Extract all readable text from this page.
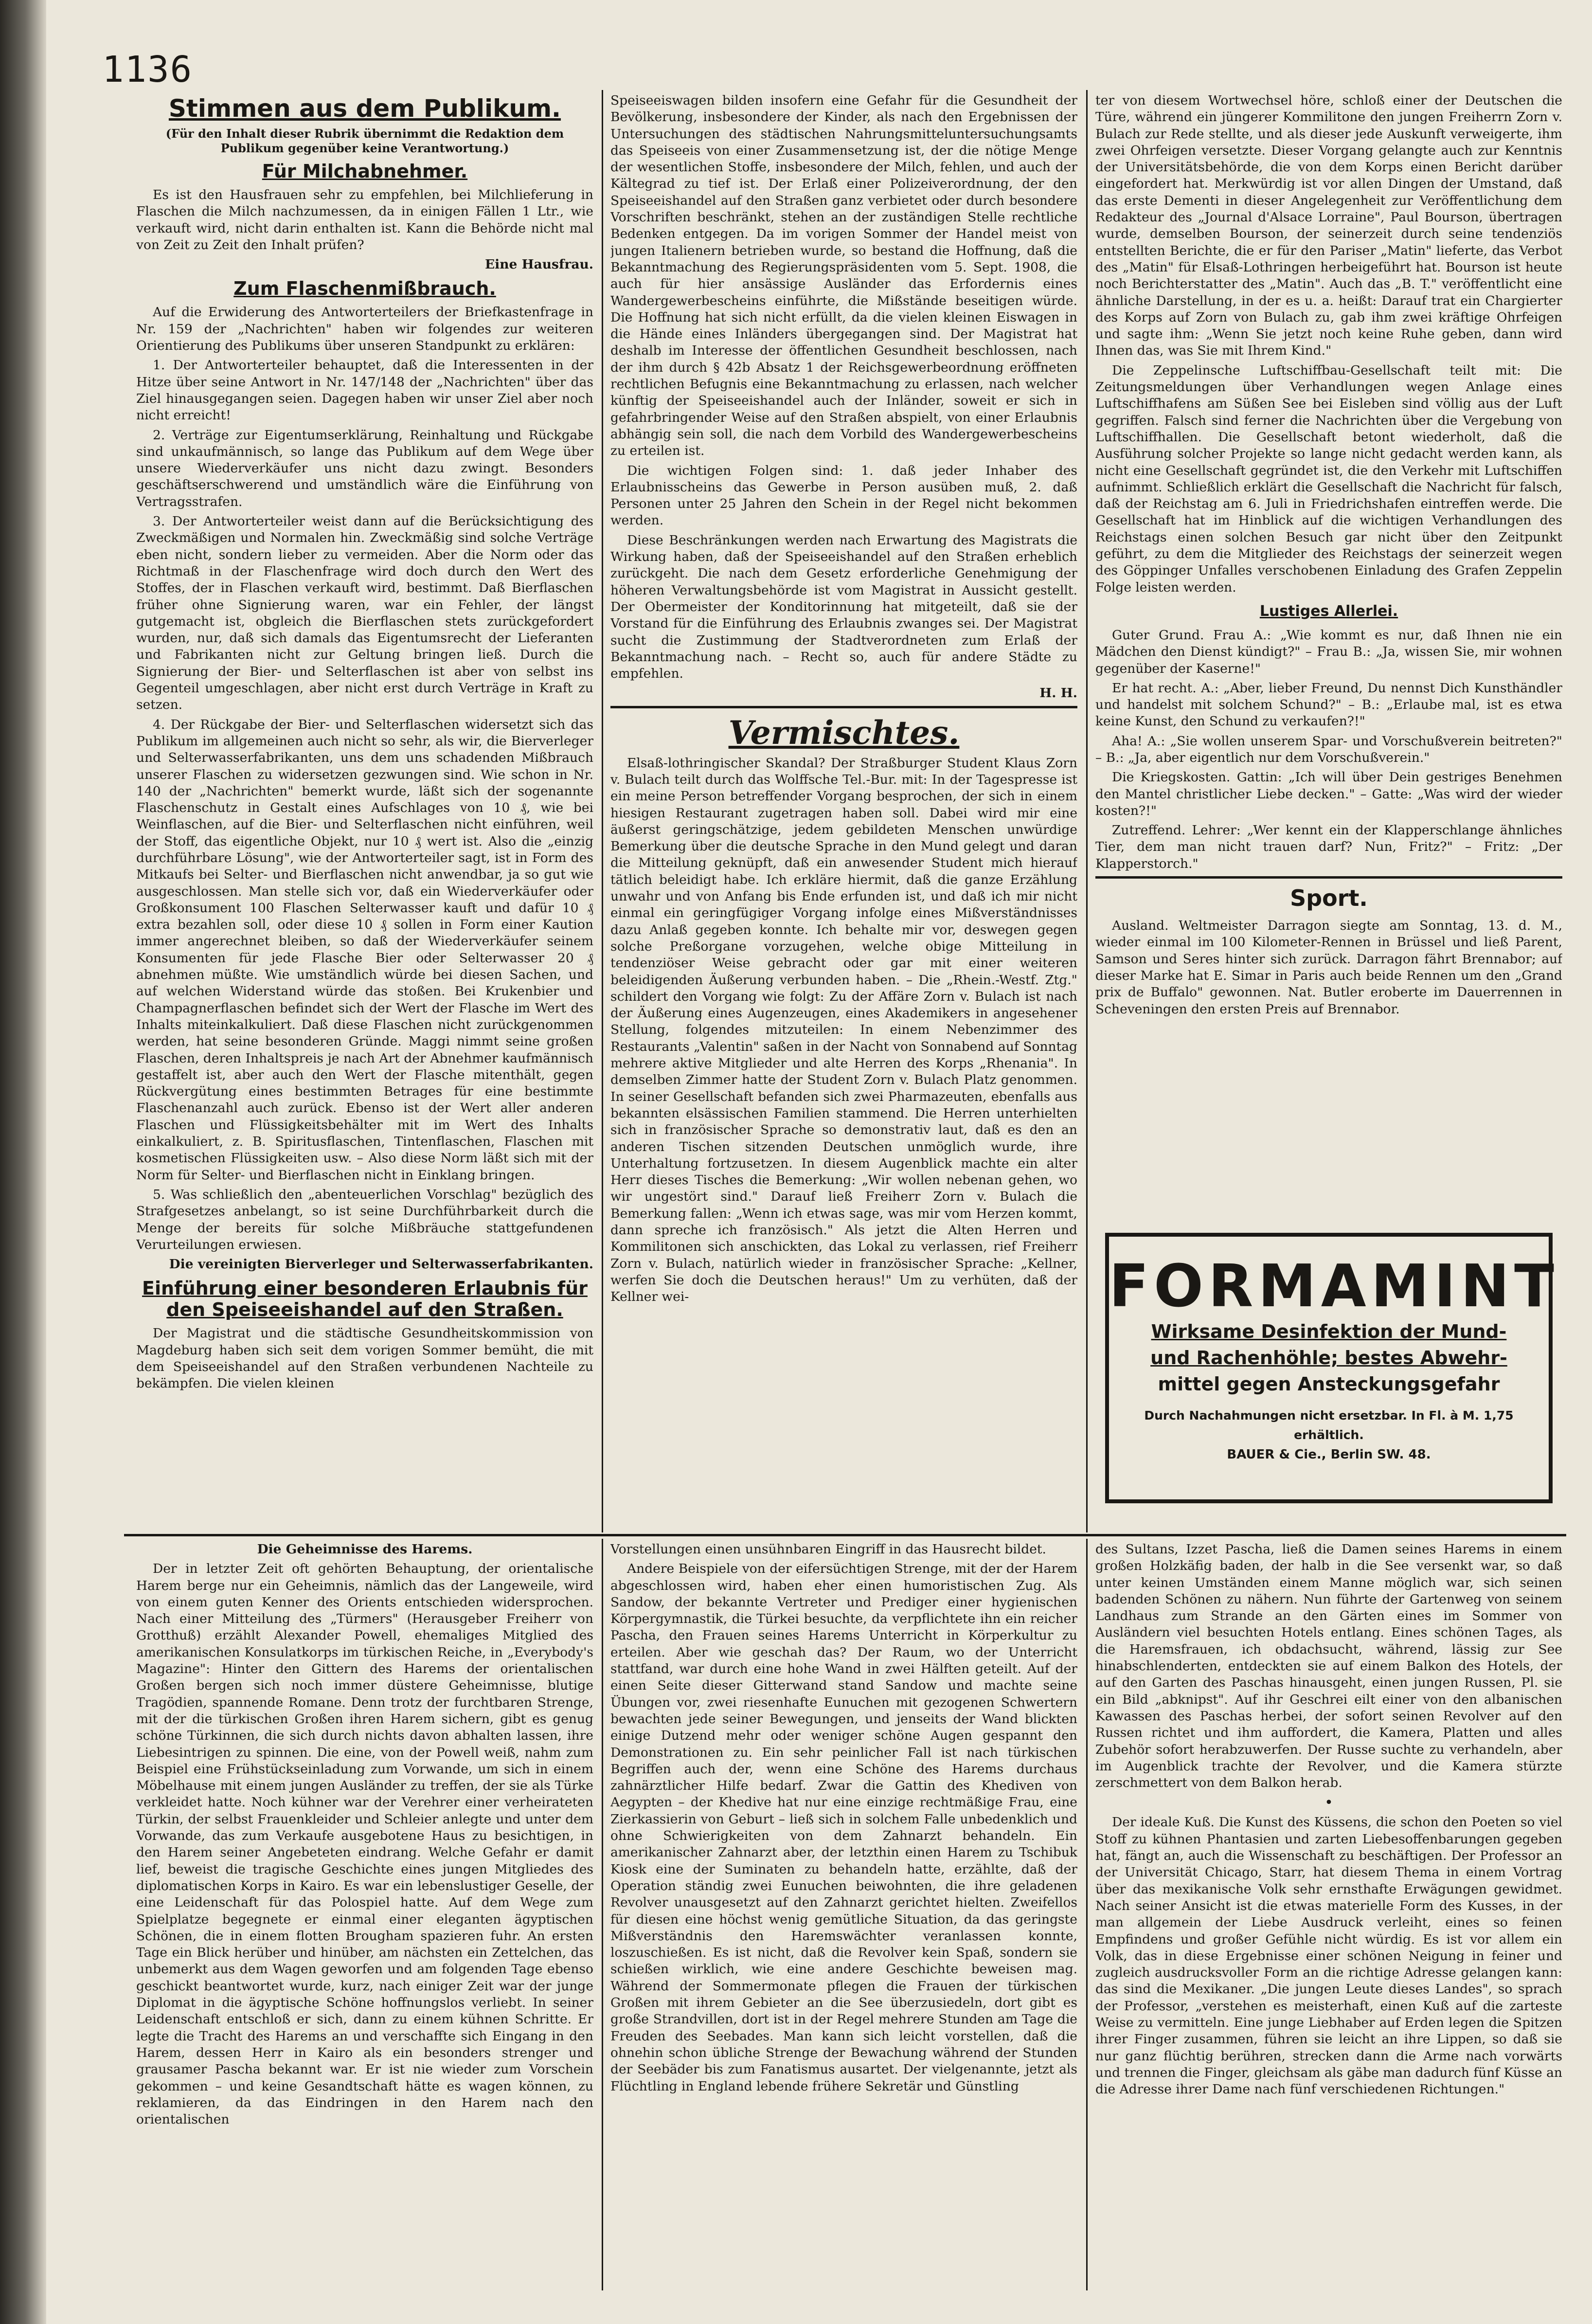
1136
Stimmen aus dem Publikum.
(Für den Inhalt dieser Rubrik übernimmt die Redaktion dem Publikum gegenüber keine Verantwortung.)
Für Milchabnehmer.

Es ist den Hausfrauen sehr zu empfehlen, bei Milchlieferung in Flaschen die Milch nachzumessen, da in einigen Fällen 1 Ltr., wie verkauft wird, nicht darin enthalten ist. Kann die Behörde nicht mal von Zeit zu Zeit den Inhalt prüfen?

Eine Hausfrau.

Zum Flaschenmißbrauch.

Auf die Erwiderung des Antworterteilers der Briefkastenfrage in Nr. 159 der „Nachrichten" haben wir folgendes zur weiteren Orientierung des Publikums über unseren Standpunkt zu erklären:

1. Der Antworterteiler behauptet, daß die Interessenten in der Hitze über seine Antwort in Nr. 147/148 der „Nachrichten" über das Ziel hinausgegangen seien. Dagegen haben wir unser Ziel aber noch nicht erreicht!

2. Verträge zur Eigentumserklärung, Reinhaltung und Rückgabe sind unkaufmännisch, so lange das Publikum auf dem Wege über unsere Wiederverkäufer uns nicht dazu zwingt. Besonders geschäftserschwerend und umständlich wäre die Einführung von Vertragsstrafen.

3. Der Antworterteiler weist dann auf die Berücksichtigung des Zweckmäßigen und Normalen hin. Zweckmäßig sind solche Verträge eben nicht, sondern lieber zu vermeiden. Aber die Norm oder das Richtmaß in der Flaschenfrage wird doch durch den Wert des Stoffes, der in Flaschen verkauft wird, bestimmt. Daß Bierflaschen früher ohne Signierung waren, war ein Fehler, der längst gutgemacht ist, obgleich die Bierflaschen stets zurückgefordert wurden, nur, daß sich damals das Eigentumsrecht der Lieferanten und Fabrikanten nicht zur Geltung bringen ließ. Durch die Signierung der Bier- und Selterflaschen ist aber von selbst ins Gegenteil umgeschlagen, aber nicht erst durch Verträge in Kraft zu setzen.

4. Der Rückgabe der Bier- und Selterflaschen widersetzt sich das Publikum im allgemeinen auch nicht so sehr, als wir, die Bierverleger und Selterwasserfabrikanten, uns dem uns schadenden Mißbrauch unserer Flaschen zu widersetzen gezwungen sind. Wie schon in Nr. 140 der „Nachrichten" bemerkt wurde, läßt sich der sogenannte Flaschenschutz in Gestalt eines Aufschlages von 10 ₰, wie bei Weinflaschen, auf die Bier- und Selterflaschen nicht einführen, weil der Stoff, das eigentliche Objekt, nur 10 ₰ wert ist. Also die „einzig durchführbare Lösung", wie der Antworterteiler sagt, ist in Form des Mitkaufs bei Selter- und Bierflaschen nicht anwendbar, ja so gut wie ausgeschlossen. Man stelle sich vor, daß ein Wiederverkäufer oder Großkonsument 100 Flaschen Selterwasser kauft und dafür 10 ₰ extra bezahlen soll, oder diese 10 ₰ sollen in Form einer Kaution immer angerechnet bleiben, so daß der Wiederverkäufer seinem Konsumenten für jede Flasche Bier oder Selterwasser 20 ₰ abnehmen müßte. Wie umständlich würde bei diesen Sachen, und auf welchen Widerstand würde das stoßen. Bei Krukenbier und Champagnerflaschen befindet sich der Wert der Flasche im Wert des Inhalts miteinkalkuliert. Daß diese Flaschen nicht zurückgenommen werden, hat seine besonderen Gründe. Maggi nimmt seine großen Flaschen, deren Inhaltspreis je nach Art der Abnehmer kaufmännisch gestaffelt ist, aber auch den Wert der Flasche mitenthält, gegen Rückvergütung eines bestimmten Betrages für eine bestimmte Flaschenanzahl auch zurück. Ebenso ist der Wert aller anderen Flaschen und Flüssigkeitsbehälter mit im Wert des Inhalts einkalkuliert, z. B. Spiritusflaschen, Tintenflaschen, Flaschen mit kosmetischen Flüssigkeiten usw. – Also diese Norm läßt sich mit der Norm für Selter- und Bierflaschen nicht in Einklang bringen.

5. Was schließlich den „abenteuerlichen Vorschlag" bezüglich des Strafgesetzes anbelangt, so ist seine Durchführbarkeit durch die Menge der bereits für solche Mißbräuche stattgefundenen Verurteilungen erwiesen.

Die vereinigten Bierverleger und Selterwasserfabrikanten.

Einführung einer besonderen Erlaubnis für den Speiseeishandel auf den Straßen.

Der Magistrat und die städtische Gesundheitskommission von Magdeburg haben sich seit dem vorigen Sommer bemüht, die mit dem Speiseeishandel auf den Straßen verbundenen Nachteile zu bekämpfen. Die vielen kleinen

Speiseeiswagen bilden insofern eine Gefahr für die Gesundheit der Bevölkerung, insbesondere der Kinder, als nach den Ergebnissen der Untersuchungen des städtischen Nahrungsmitteluntersuchungsamts das Speiseeis von einer Zusammensetzung ist, der die nötige Menge der wesentlichen Stoffe, insbesondere der Milch, fehlen, und auch der Kältegrad zu tief ist. Der Erlaß einer Polizeiverordnung, der den Speiseeishandel auf den Straßen ganz verbietet oder durch besondere Vorschriften beschränkt, stehen an der zuständigen Stelle rechtliche Bedenken entgegen. Da im vorigen Sommer der Handel meist von jungen Italienern betrieben wurde, so bestand die Hoffnung, daß die Bekanntmachung des Regierungspräsidenten vom 5. Sept. 1908, die auch für hier ansässige Ausländer das Erfordernis eines Wandergewerbescheins einführte, die Mißstände beseitigen würde. Die Hoffnung hat sich nicht erfüllt, da die vielen kleinen Eiswagen in die Hände eines Inländers übergegangen sind. Der Magistrat hat deshalb im Interesse der öffentlichen Gesundheit beschlossen, nach der ihm durch § 42b Absatz 1 der Reichsgewerbeordnung eröffneten rechtlichen Befugnis eine Bekanntmachung zu erlassen, nach welcher künftig der Speiseeishandel auch der Inländer, soweit er sich in gefahrbringender Weise auf den Straßen abspielt, von einer Erlaubnis abhängig sein soll, die nach dem Vorbild des Wandergewerbescheins zu erteilen ist.

Die wichtigen Folgen sind: 1. daß jeder Inhaber des Erlaubnisscheins das Gewerbe in Person ausüben muß, 2. daß Personen unter 25 Jahren den Schein in der Regel nicht bekommen werden.

Diese Beschränkungen werden nach Erwartung des Magistrats die Wirkung haben, daß der Speiseeishandel auf den Straßen erheblich zurückgeht. Die nach dem Gesetz erforderliche Genehmigung der höheren Verwaltungsbehörde ist vom Magistrat in Aussicht gestellt. Der Obermeister der Konditorinnung hat mitgeteilt, daß sie der Vorstand für die Einführung des Erlaubnis zwanges sei. Der Magistrat sucht die Zustimmung der Stadtverordneten zum Erlaß der Bekanntmachung nach. – Recht so, auch für andere Städte zu empfehlen.

H. H.

Vermischtes.

Elsaß-lothringischer Skandal? Der Straßburger Student Klaus Zorn v. Bulach teilt durch das Wolffsche Tel.-Bur. mit: In der Tagespresse ist ein meine Person betreffender Vorgang besprochen, der sich in einem hiesigen Restaurant zugetragen haben soll. Dabei wird mir eine äußerst geringschätzige, jedem gebildeten Menschen unwürdige Bemerkung über die deutsche Sprache in den Mund gelegt und daran die Mitteilung geknüpft, daß ein anwesender Student mich hierauf tätlich beleidigt habe. Ich erkläre hiermit, daß die ganze Erzählung unwahr und von Anfang bis Ende erfunden ist, und daß ich mir nicht einmal ein geringfügiger Vorgang infolge eines Mißverständnisses dazu Anlaß gegeben konnte. Ich behalte mir vor, deswegen gegen solche Preßorgane vorzugehen, welche obige Mitteilung in tendenziöser Weise gebracht oder gar mit einer weiteren beleidigenden Äußerung verbunden haben. – Die „Rhein.-Westf. Ztg." schildert den Vorgang wie folgt: Zu der Affäre Zorn v. Bulach ist nach der Äußerung eines Augenzeugen, eines Akademikers in angesehener Stellung, folgendes mitzuteilen: In einem Nebenzimmer des Restaurants „Valentin" saßen in der Nacht von Sonnabend auf Sonntag mehrere aktive Mitglieder und alte Herren des Korps „Rhenania". In demselben Zimmer hatte der Student Zorn v. Bulach Platz genommen. In seiner Gesellschaft befanden sich zwei Pharmazeuten, ebenfalls aus bekannten elsässischen Familien stammend. Die Herren unterhielten sich in französischer Sprache so demonstrativ laut, daß es den an anderen Tischen sitzenden Deutschen unmöglich wurde, ihre Unterhaltung fortzusetzen. In diesem Augenblick machte ein alter Herr dieses Tisches die Bemerkung: „Wir wollen nebenan gehen, wo wir ungestört sind." Darauf ließ Freiherr Zorn v. Bulach die Bemerkung fallen: „Wenn ich etwas sage, was mir vom Herzen kommt, dann spreche ich französisch." Als jetzt die Alten Herren und Kommilitonen sich anschickten, das Lokal zu verlassen, rief Freiherr Zorn v. Bulach, natürlich wieder in französischer Sprache: „Kellner, werfen Sie doch die Deutschen heraus!" Um zu verhüten, daß der Kellner wei-

ter von diesem Wortwechsel höre, schloß einer der Deutschen die Türe, während ein jüngerer Kommilitone den jungen Freiherrn Zorn v. Bulach zur Rede stellte, und als dieser jede Auskunft verweigerte, ihm zwei Ohrfeigen versetzte. Dieser Vorgang gelangte auch zur Kenntnis der Universitätsbehörde, die von dem Korps einen Bericht darüber eingefordert hat. Merkwürdig ist vor allen Dingen der Umstand, daß das erste Dementi in dieser Angelegenheit zur Veröffentlichung dem Redakteur des „Journal d'Alsace Lorraine", Paul Bourson, übertragen wurde, demselben Bourson, der seinerzeit durch seine tendenziös entstellten Berichte, die er für den Pariser „Matin" lieferte, das Verbot des „Matin" für Elsaß-Lothringen herbeigeführt hat. Bourson ist heute noch Berichterstatter des „Matin". Auch das „B. T." veröffentlicht eine ähnliche Darstellung, in der es u. a. heißt: Darauf trat ein Chargierter des Korps auf Zorn von Bulach zu, gab ihm zwei kräftige Ohrfeigen und sagte ihm: „Wenn Sie jetzt noch keine Ruhe geben, dann wird Ihnen das, was Sie mit Ihrem Kind."

Die Zeppelinsche Luftschiffbau-Gesellschaft teilt mit: Die Zeitungsmeldungen über Verhandlungen wegen Anlage eines Luftschiffhafens am Süßen See bei Eisleben sind völlig aus der Luft gegriffen. Falsch sind ferner die Nachrichten über die Vergebung von Luftschiffhallen. Die Gesellschaft betont wiederholt, daß die Ausführung solcher Projekte so lange nicht gedacht werden kann, als nicht eine Gesellschaft gegründet ist, die den Verkehr mit Luftschiffen aufnimmt. Schließlich erklärt die Gesellschaft die Nachricht für falsch, daß der Reichstag am 6. Juli in Friedrichshafen eintreffen werde. Die Gesellschaft hat im Hinblick auf die wichtigen Verhandlungen des Reichstags einen solchen Besuch gar nicht über den Zeitpunkt geführt, zu dem die Mitglieder des Reichstags der seinerzeit wegen des Göppinger Unfalles verschobenen Einladung des Grafen Zeppelin Folge leisten werden.

Lustiges Allerlei.

Guter Grund. Frau A.: „Wie kommt es nur, daß Ihnen nie ein Mädchen den Dienst kündigt?" – Frau B.: „Ja, wissen Sie, mir wohnen gegenüber der Kaserne!"

Er hat recht. A.: „Aber, lieber Freund, Du nennst Dich Kunsthändler und handelst mit solchem Schund?" – B.: „Erlaube mal, ist es etwa keine Kunst, den Schund zu verkaufen?!"

Aha! A.: „Sie wollen unserem Spar- und Vorschußverein beitreten?" – B.: „Ja, aber eigentlich nur dem Vorschußverein."

Die Kriegskosten. Gattin: „Ich will über Dein gestriges Benehmen den Mantel christlicher Liebe decken." – Gatte: „Was wird der wieder kosten?!"

Zutreffend. Lehrer: „Wer kennt ein der Klapperschlange ähnliches Tier, dem man nicht trauen darf? Nun, Fritz?" – Fritz: „Der Klapperstorch."

Sport.

Ausland. Weltmeister Darragon siegte am Sonntag, 13. d. M., wieder einmal im 100 Kilometer-Rennen in Brüssel und ließ Parent, Samson und Seres hinter sich zurück. Darragon fährt Brennabor; auf dieser Marke hat E. Simar in Paris auch beide Rennen um den „Grand prix de Buffalo" gewonnen. Nat. Butler eroberte im Dauerrennen in Scheveningen den ersten Preis auf Brennabor.

FORMAMINT
Wirksame Desinfektion der Mund-
und Rachenhöhle; bestes Abwehr-
mittel gegen Ansteckungsgefahr
Durch Nachahmungen nicht ersetzbar. In Fl. à M. 1,75 erhältlich.
BAUER & Cie., Berlin SW. 48.

Die Geheimnisse des Harems.

Der in letzter Zeit oft gehörten Behauptung, der orientalische Harem berge nur ein Geheimnis, nämlich das der Langeweile, wird von einem guten Kenner des Orients entschieden widersprochen. Nach einer Mitteilung des „Türmers" (Herausgeber Freiherr von Grotthuß) erzählt Alexander Powell, ehemaliges Mitglied des amerikanischen Konsulatkorps im türkischen Reiche, in „Everybody's Magazine": Hinter den Gittern des Harems der orientalischen Großen bergen sich noch immer düstere Geheimnisse, blutige Tragödien, spannende Romane. Denn trotz der furchtbaren Strenge, mit der die türkischen Großen ihren Harem sichern, gibt es genug schöne Türkinnen, die sich durch nichts davon abhalten lassen, ihre Liebesintrigen zu spinnen. Die eine, von der Powell weiß, nahm zum Beispiel eine Frühstückseinladung zum Vorwande, um sich in einem Möbelhause mit einem jungen Ausländer zu treffen, der sie als Türke verkleidet hatte. Noch kühner war der Verehrer einer verheirateten Türkin, der selbst Frauenkleider und Schleier anlegte und unter dem Vorwande, das zum Verkaufe ausgebotene Haus zu besichtigen, in den Harem seiner Angebeteten eindrang. Welche Gefahr er damit lief, beweist die tragische Geschichte eines jungen Mitgliedes des diplomatischen Korps in Kairo. Es war ein lebenslustiger Geselle, der eine Leidenschaft für das Polospiel hatte. Auf dem Wege zum Spielplatze begegnete er einmal einer eleganten ägyptischen Schönen, die in einem flotten Brougham spazieren fuhr. An ersten Tage ein Blick herüber und hinüber, am nächsten ein Zettelchen, das unbemerkt aus dem Wagen geworfen und am folgenden Tage ebenso geschickt beantwortet wurde, kurz, nach einiger Zeit war der junge Diplomat in die ägyptische Schöne hoffnungslos verliebt. In seiner Leidenschaft entschloß er sich, dann zu einem kühnen Schritte. Er legte die Tracht des Harems an und verschaffte sich Eingang in den Harem, dessen Herr in Kairo als ein besonders strenger und grausamer Pascha bekannt war. Er ist nie wieder zum Vorschein gekommen – und keine Gesandtschaft hätte es wagen können, zu reklamieren, da das Eindringen in den Harem nach den orientalischen

Vorstellungen einen unsühnbaren Eingriff in das Hausrecht bildet.

Andere Beispiele von der eifersüchtigen Strenge, mit der der Harem abgeschlossen wird, haben eher einen humoristischen Zug. Als Sandow, der bekannte Vertreter und Prediger einer hygienischen Körpergymnastik, die Türkei besuchte, da verpflichtete ihn ein reicher Pascha, den Frauen seines Harems Unterricht in Körperkultur zu erteilen. Aber wie geschah das? Der Raum, wo der Unterricht stattfand, war durch eine hohe Wand in zwei Hälften geteilt. Auf der einen Seite dieser Gitterwand stand Sandow und machte seine Übungen vor, zwei riesenhafte Eunuchen mit gezogenen Schwertern bewachten jede seiner Bewegungen, und jenseits der Wand blickten einige Dutzend mehr oder weniger schöne Augen gespannt den Demonstrationen zu. Ein sehr peinlicher Fall ist nach türkischen Begriffen auch der, wenn eine Schöne des Harems durchaus zahnärztlicher Hilfe bedarf. Zwar die Gattin des Khediven von Aegypten – der Khedive hat nur eine einzige rechtmäßige Frau, eine Zierkassierin von Geburt – ließ sich in solchem Falle unbedenklich und ohne Schwierigkeiten von dem Zahnarzt behandeln. Ein amerikanischer Zahnarzt aber, der letzthin einen Harem zu Tschibuk Kiosk eine der Suminaten zu behandeln hatte, erzählte, daß der Operation ständig zwei Eunuchen beiwohnten, die ihre geladenen Revolver unausgesetzt auf den Zahnarzt gerichtet hielten. Zweifellos für diesen eine höchst wenig gemütliche Situation, da das geringste Mißverständnis den Haremswächter veranlassen konnte, loszuschießen. Es ist nicht, daß die Revolver kein Spaß, sondern sie schießen wirklich, wie eine andere Geschichte beweisen mag. Während der Sommermonate pflegen die Frauen der türkischen Großen mit ihrem Gebieter an die See überzusiedeln, dort gibt es große Strandvillen, dort ist in der Regel mehrere Stunden am Tage die Freuden des Seebades. Man kann sich leicht vorstellen, daß die ohnehin schon übliche Strenge der Bewachung während der Stunden der Seebäder bis zum Fanatismus ausartet. Der vielgenannte, jetzt als Flüchtling in England lebende frühere Sekretär und Günstling

des Sultans, Izzet Pascha, ließ die Damen seines Harems in einem großen Holzkäfig baden, der halb in die See versenkt war, so daß unter keinen Umständen einem Manne möglich war, sich seinen badenden Schönen zu nähern. Nun führte der Gartenweg von seinem Landhaus zum Strande an den Gärten eines im Sommer von Ausländern viel besuchten Hotels entlang. Eines schönen Tages, als die Haremsfrauen, ich obdachsucht, während, lässig zur See hinabschlenderten, entdeckten sie auf einem Balkon des Hotels, der auf den Garten des Paschas hinausgeht, einen jungen Russen, Pl. sie ein Bild „abknipst". Auf ihr Geschrei eilt einer von den albanischen Kawassen des Paschas herbei, der sofort seinen Revolver auf den Russen richtet und ihm auffordert, die Kamera, Platten und alles Zubehör sofort herabzuwerfen. Der Russe suchte zu verhandeln, aber im Augenblick trachte der Revolver, und die Kamera stürzte zerschmettert von dem Balkon herab.

•

Der ideale Kuß. Die Kunst des Küssens, die schon den Poeten so viel Stoff zu kühnen Phantasien und zarten Liebesoffenbarungen gegeben hat, fängt an, auch die Wissenschaft zu beschäftigen. Der Professor an der Universität Chicago, Starr, hat diesem Thema in einem Vortrag über das mexikanische Volk sehr ernsthafte Erwägungen gewidmet. Nach seiner Ansicht ist die etwas materielle Form des Kusses, in der man allgemein der Liebe Ausdruck verleiht, eines so feinen Empfindens und großer Gefühle nicht würdig. Es ist vor allem ein Volk, das in diese Ergebnisse einer schönen Neigung in feiner und zugleich ausdrucksvoller Form an die richtige Adresse gelangen kann: das sind die Mexikaner. „Die jungen Leute dieses Landes", so sprach der Professor, „verstehen es meisterhaft, einen Kuß auf die zarteste Weise zu vermitteln. Eine junge Liebhaber auf Erden legen die Spitzen ihrer Finger zusammen, führen sie leicht an ihre Lippen, so daß sie nur ganz flüchtig berühren, strecken dann die Arme nach vorwärts und trennen die Finger, gleichsam als gäbe man dadurch fünf Küsse an die Adresse ihrer Dame nach fünf verschiedenen Richtungen."
